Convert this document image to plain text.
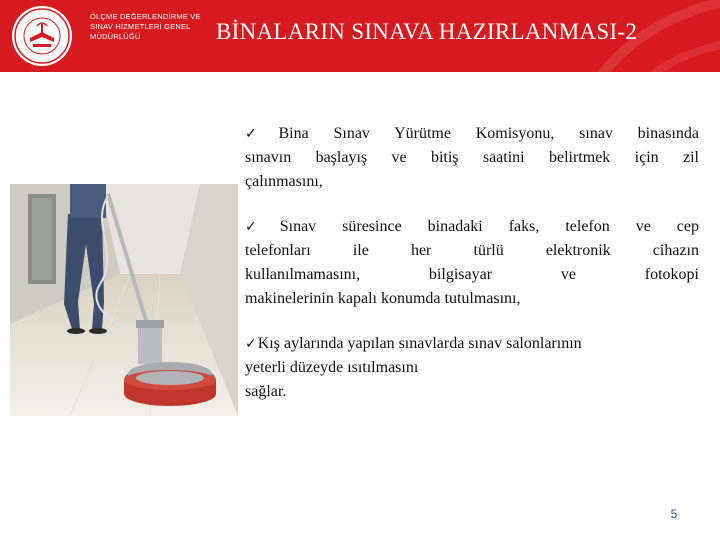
ÖLÇME DEĞERLENDİRME VE
SINAV HİZMETLERİ GENEL
MÜDÜRLÜĞÜ	BİNALARIN SINAVA HAZIRLANMASI-2
✓Bina Sınav Yürütme Komisyonu, sınav binasında
sınavın başlayış ve bitiş saatini belirtmek için zil
çalınmasını,
✓Sınav süresince binadaki faks, telefon ve cep
telefonları ile her türlü elektronik cihazın
kullanılmamasını, bilgisayar ve fotokopi
makinelerinin kapalı konumda tutulmasını,
✓Kış aylarında yapılan sınavlarda sınav salonlarının
yeterli düzeyde ısıtılmasını
sağlar.
5
